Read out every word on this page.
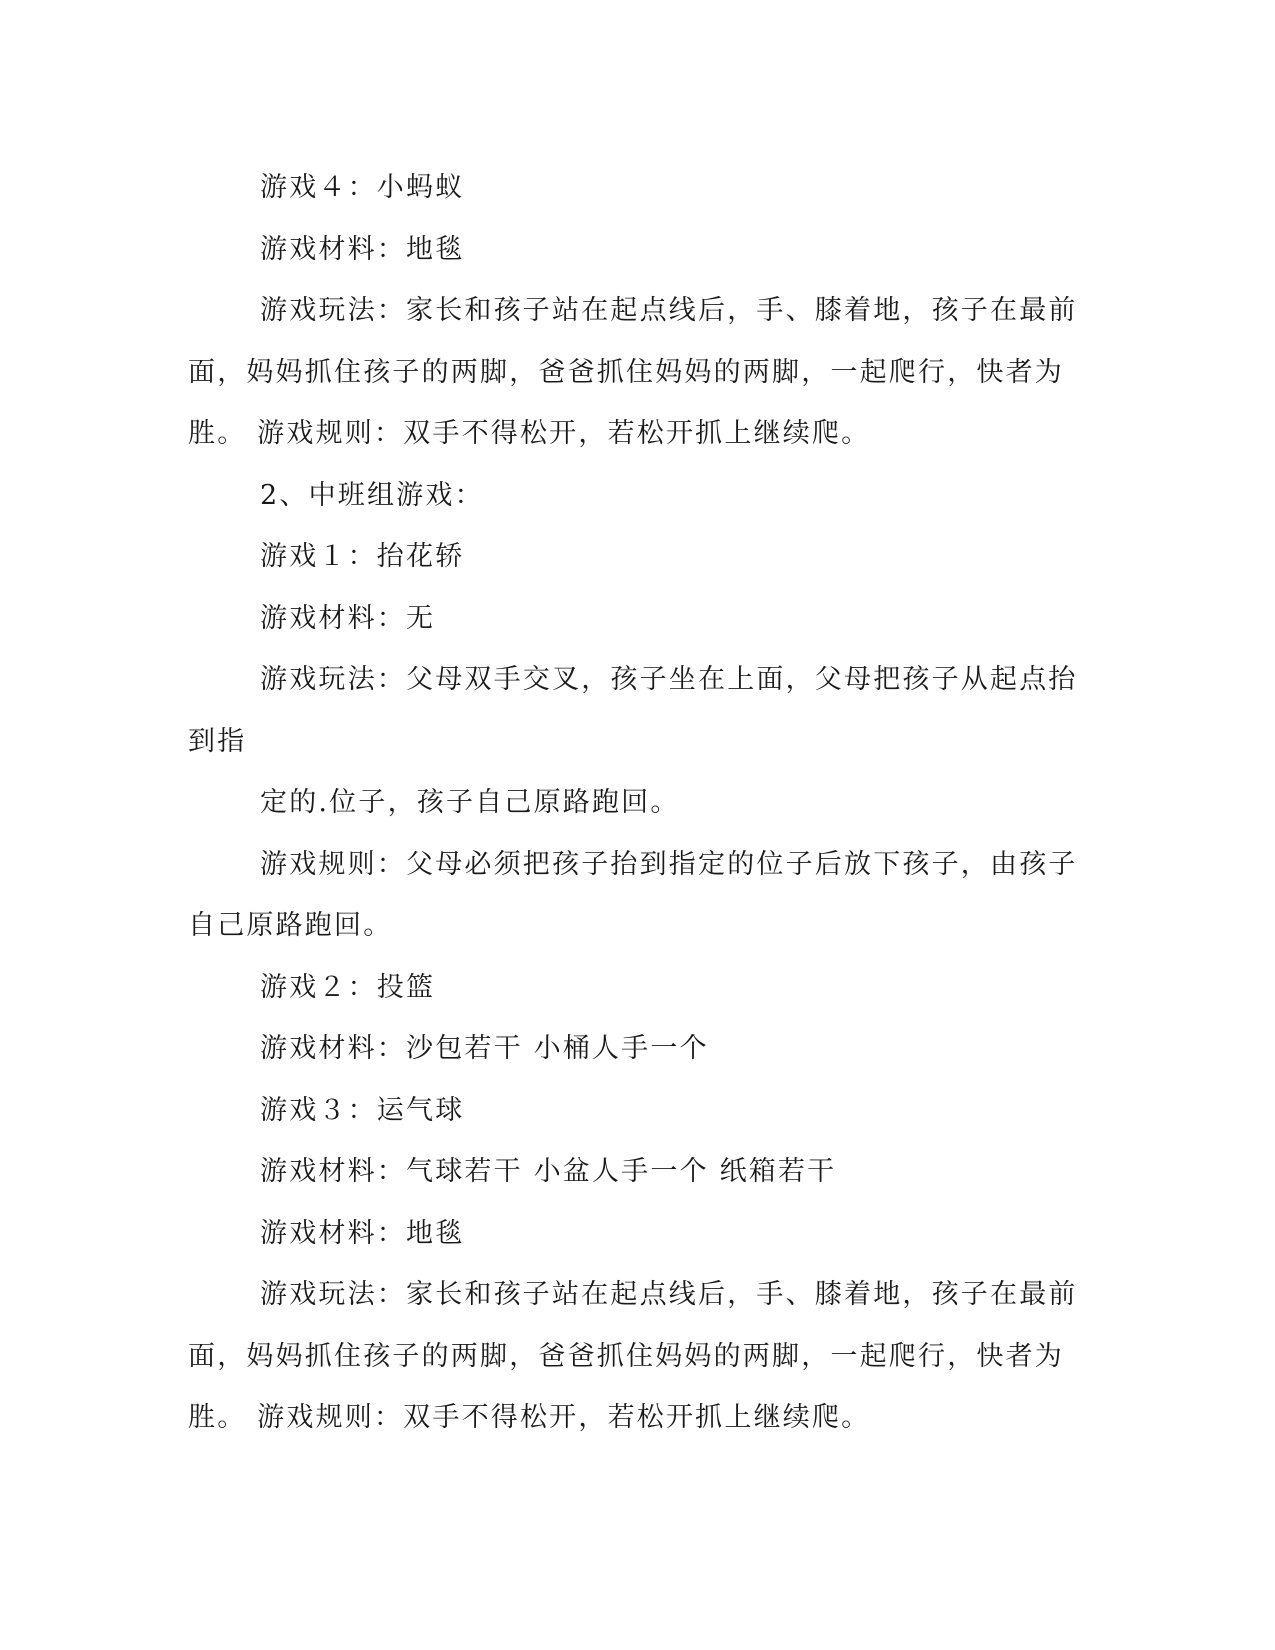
游戏４：小蚂蚁
游戏材料：地毯
游戏玩法：家长和孩子站在起点线后，手、膝着地，孩子在最前
面，妈妈抓住孩子的两脚，爸爸抓住妈妈的两脚，一起爬行，快者为
胜。 游戏规则：双手不得松开，若松开抓上继续爬。
2、中班组游戏：
游戏１：抬花轿
游戏材料：无
游戏玩法：父母双手交叉，孩子坐在上面，父母把孩子从起点抬
到指
定的.位子，孩子自己原路跑回。
游戏规则：父母必须把孩子抬到指定的位子后放下孩子，由孩子
自己原路跑回。
游戏２：投篮
游戏材料：沙包若干 小桶人手一个
游戏３：运气球
游戏材料：气球若干 小盆人手一个 纸箱若干
游戏材料：地毯
游戏玩法：家长和孩子站在起点线后，手、膝着地，孩子在最前
面，妈妈抓住孩子的两脚，爸爸抓住妈妈的两脚，一起爬行，快者为
胜。 游戏规则：双手不得松开，若松开抓上继续爬。
